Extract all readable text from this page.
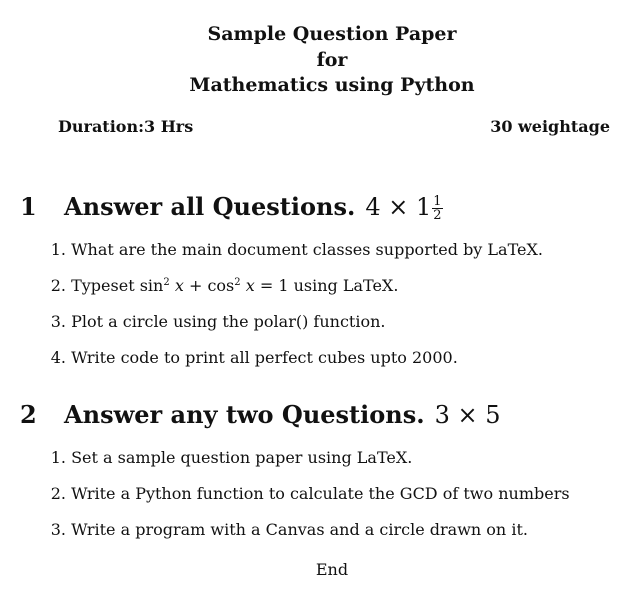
Sample Question Paper
for
Mathematics using Python
Duration:3 Hrs	30 weightage
1 Answer all Questions. $4 \times 1 \frac{1}{2}$
1. What are the main document classes supported by LaTeX.
2. Typeset $\sin^2 x + \cos^2 x = 1$ using LaTeX.
3. Plot a circle using the polar() function.
4. Write code to print all perfect cubes upto 2000.
2 Answer any two Questions. 3 × 5
1. Set a sample question paper using LaTeX.
2. Write a Python function to calculate the GCD of two numbers
3. Write a program with a Canvas and a circle drawn on it.
End
